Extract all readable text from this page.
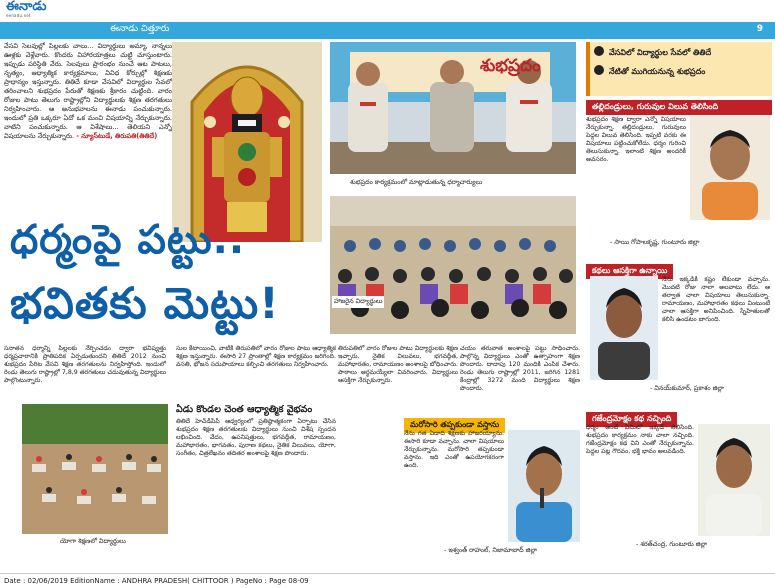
ఈనాడు
eenadu.net
ఈనాడు చిత్తూరు	9
వేసవి సెలవుల్లో పిల్లలకు చాలు... విద్యార్థులు అమ్మా, నాన్నలు ఊళ్లకు వెళ్లేవారు. కొందరు విహారయాత్రలు చుట్టి చూస్తుంటారు. ఇప్పుడు పరిస్థితి వేరు. సెలవులు ప్రారంభం నుంచే ఆట పాటలు, నృత్యం, ఆధ్యాత్మిక కార్యక్రమాలు, వివిధ కోర్సుల్లో శిక్షణకు ప్రాధాన్యం ఇస్తున్నారు. తితిదే కూడా వేసవిలో విద్యార్థుల సేవలో తరించాలని శుభప్రదం పేరుతో శిక్షణకు శ్రీకారం చుట్టింది. వారం రోజుల పాటు తెలుగు రాష్ట్రాల్లోని విద్యార్థులకు శిక్షణ తరగతులు నిర్వహించారు. ఆ అనుభవాలను ఈనాడు పంచుకున్నారు. ఇందులో ప్రతి ఒక్కరూ ఏదో ఒక మంచి విషయాన్ని నేర్చుకున్నారు. వాటిని పంచుకున్నారు. ఆ విశేషాలు... తెలియని ఎన్నో విషయాలను నేర్చుకున్నారు. - న్యూస్‌టుడే, తిరుపతి(తితిదే)
శుభప్రదం
శుభప్రదం కార్యక్రమంలో మాట్లాడుతున్న ధర్మాచార్యులు
హాజరైన విద్యార్థులు
ధర్మంపై పట్టు..
భవితకు మెట్టు!
సనాతన ధర్మాన్ని పిల్లలకు నేర్పించడం ద్వారా భవిష్యత్తు ధర్మప్రచారానికి ప్రాతిపదిక ఏర్పడుతుందని తితిదే 2012 నుంచి శుభప్రదం పేరిట వేసవి శిక్షణ తరగతులను నిర్వహిస్తోంది. ఇందులో రెండు తెలుగు రాష్ట్రాల్లో 7,8,9 తరగతులు చదువుతున్న విద్యార్థులు పాల్గొంటున్నారు.
సుల కేటాయించి, వాటికి తిరుపతిలో వారం రోజుల పాటు ఆధ్యాత్మిక శిక్షణ ఇస్తున్నారు. ఈసారి 27 ప్రాంతాల్లో శిక్షణ కార్యక్రమం జరిగింది. వసతి, భోజన సదుపాయాలు కల్పించి తరగతులు నిర్వహించారు.
తిరుపతిలో వారం రోజుల పాటు విద్యార్థులకు శిక్షణ ఇచ్చారు. నైతిక విలువలు, భగవద్గీత, మహాభారతం, రామాయణం అంశాలపై బోధించారు. పాఠాలు అర్థమయ్యేలా వివరించారు. విద్యార్థులు ఆసక్తిగా నేర్చుకున్నారు.
చయం తరువాత అంశాలపై పట్టు సాధించారు. పాల్గొన్న విద్యార్థులు ఎంతో ఉత్సాహంగా శిక్షణ పొందారు. దాదాపు 120 మందికి ఎంపిక చేశారు. రెండు తెలుగు రాష్ట్రాల్లో 2011, జరిగిన 1281 కేంద్రాల్లో 3272 మంది విద్యార్థులు శిక్షణ పొందారు.
యోగా శిక్షణలో విద్యార్థులు
ఏడు కొండల చెంత ఆధ్యాత్మిక వైభవం
తితిదే హెచ్‌డీపీపీ ఆధ్వర్యంలో ప్రతిష్ఠాత్మకంగా ఏర్పాటు చేసిన శుభప్రదం శిక్షణ తరగతులకు విద్యార్థులు నుంచి విశేష స్పందన లభించింది. వేదం, ఉపనిషత్తులు, భగవద్గీత, రామాయణం, మహాభారతం, భాగవతం, పురాణ కథలు, నైతిక విలువలు, యోగా, సంగీతం, చిత్రలేఖనం తదితర అంశాలపై శిక్షణ పొందారు.
వేసవిలో విద్యార్థుల సేవలో తితిదే
నేటితో ముగియనున్న శుభప్రదం
తల్లిదండ్రులు, గురువుల విలువ తెలిసింది
శుభప్రదం శిక్షణ ద్వారా ఎన్నో విషయాలు నేర్చుకున్నా. తల్లిదండ్రులు, గురువులు పెద్దల విలువ తెలిసింది. ఇప్పటి వరకు ఈ విషయాలు పట్టించుకోలేదు. ధర్మం గురించి తెలుసుకున్నా. ఇలాంటి శిక్షణ అందరికీ అవసరం.
- సాయి గోపాలకృష్ణ, గుంటూరు జిల్లా
కథలు ఆసక్తిగా ఉన్నాయి
నేను ఇక్కడికి కష్టం లేకుండా వచ్చాను. మొదటి రోజు నాలా అలవాటు లేదు. ఆ తర్వాత చాలా విషయాలు తెలుసుకున్నా. రామాయణం, మహాభారతం కథలు వింటుంటే చాలా ఆసక్తిగా అనిపించింది. స్నేహితులతో కలిసి ఉండటం బాగుంది.
- వినయ్‌కుమార్, ప్రకాశం జిల్లా
గజేంద్రమోక్షం కథ నచ్చింది
ధర్మం అంటే ఏమిటో ఇక్కడే తెలిసింది. శుభప్రదం కార్యక్రమం నాకు చాలా నచ్చింది. గజేంద్రమోక్షం కథ విని ఎంతో నేర్చుకున్నాను. పెద్దల పట్ల గౌరవం, భక్తి భావం అలవడింది.
- శరత్‌చంద్ర, గుంటూరు జిల్లా
మరోసారి తప్పకుండా వస్తాను
నేను గత ఏడాది శిక్షణకు హాజరయ్యాను. ఈసారి కూడా వచ్చాను. చాలా విషయాలు నేర్చుకున్నాను. మరోసారి తప్పకుండా వస్తాను. ఇది ఎంతో ఉపయోగకరంగా ఉంది.
- ఇశ్వంత్ రాహుల్, నిజామాబాద్ జిల్లా
Date : 02/06/2019 EditionName : ANDHRA PRADESH( CHITTOOR ) PageNo : Page 08-09
